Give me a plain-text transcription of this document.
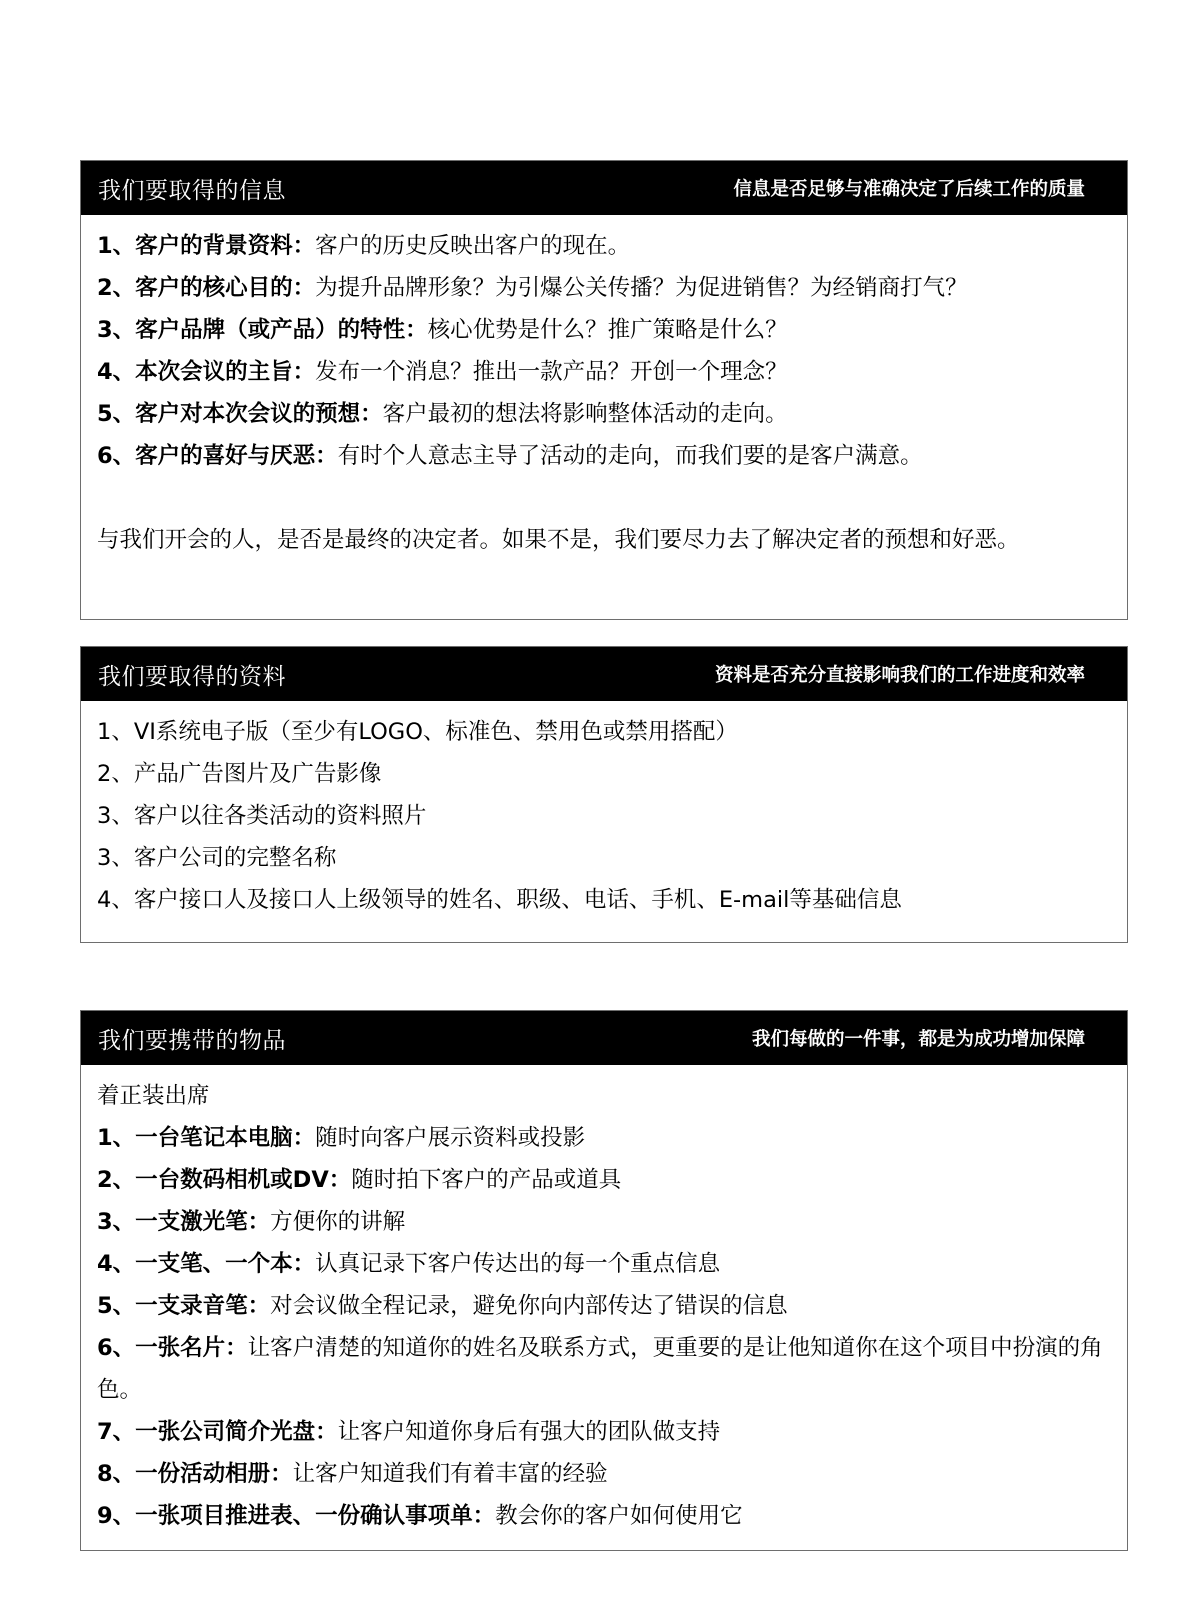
我们要取得的信息	信息是否足够与准确决定了后续工作的质量
1、客户的背景资料：客户的历史反映出客户的现在。
2、客户的核心目的：为提升品牌形象？为引爆公关传播？为促进销售？为经销商打气？
3、客户品牌（或产品）的特性：核心优势是什么？推广策略是什么？
4、本次会议的主旨：发布一个消息？推出一款产品？开创一个理念？
5、客户对本次会议的预想：客户最初的想法将影响整体活动的走向。
6、客户的喜好与厌恶：有时个人意志主导了活动的走向，而我们要的是客户满意。
与我们开会的人，是否是最终的决定者。如果不是，我们要尽力去了解决定者的预想和好恶。
我们要取得的资料	资料是否充分直接影响我们的工作进度和效率
1、VI系统电子版（至少有LOGO、标准色、禁用色或禁用搭配）
2、产品广告图片及广告影像
3、客户以往各类活动的资料照片
3、客户公司的完整名称
4、客户接口人及接口人上级领导的姓名、职级、电话、手机、E-mail等基础信息
我们要携带的物品	我们每做的一件事，都是为成功增加保障
着正装出席
1、一台笔记本电脑：随时向客户展示资料或投影
2、一台数码相机或DV：随时拍下客户的产品或道具
3、一支激光笔：方便你的讲解
4、一支笔、一个本：认真记录下客户传达出的每一个重点信息
5、一支录音笔：对会议做全程记录，避免你向内部传达了错误的信息
6、一张名片：让客户清楚的知道你的姓名及联系方式，更重要的是让他知道你在这个项目中扮演的角色。
7、一张公司简介光盘：让客户知道你身后有强大的团队做支持
8、一份活动相册：让客户知道我们有着丰富的经验
9、一张项目推进表、一份确认事项单：教会你的客户如何使用它
